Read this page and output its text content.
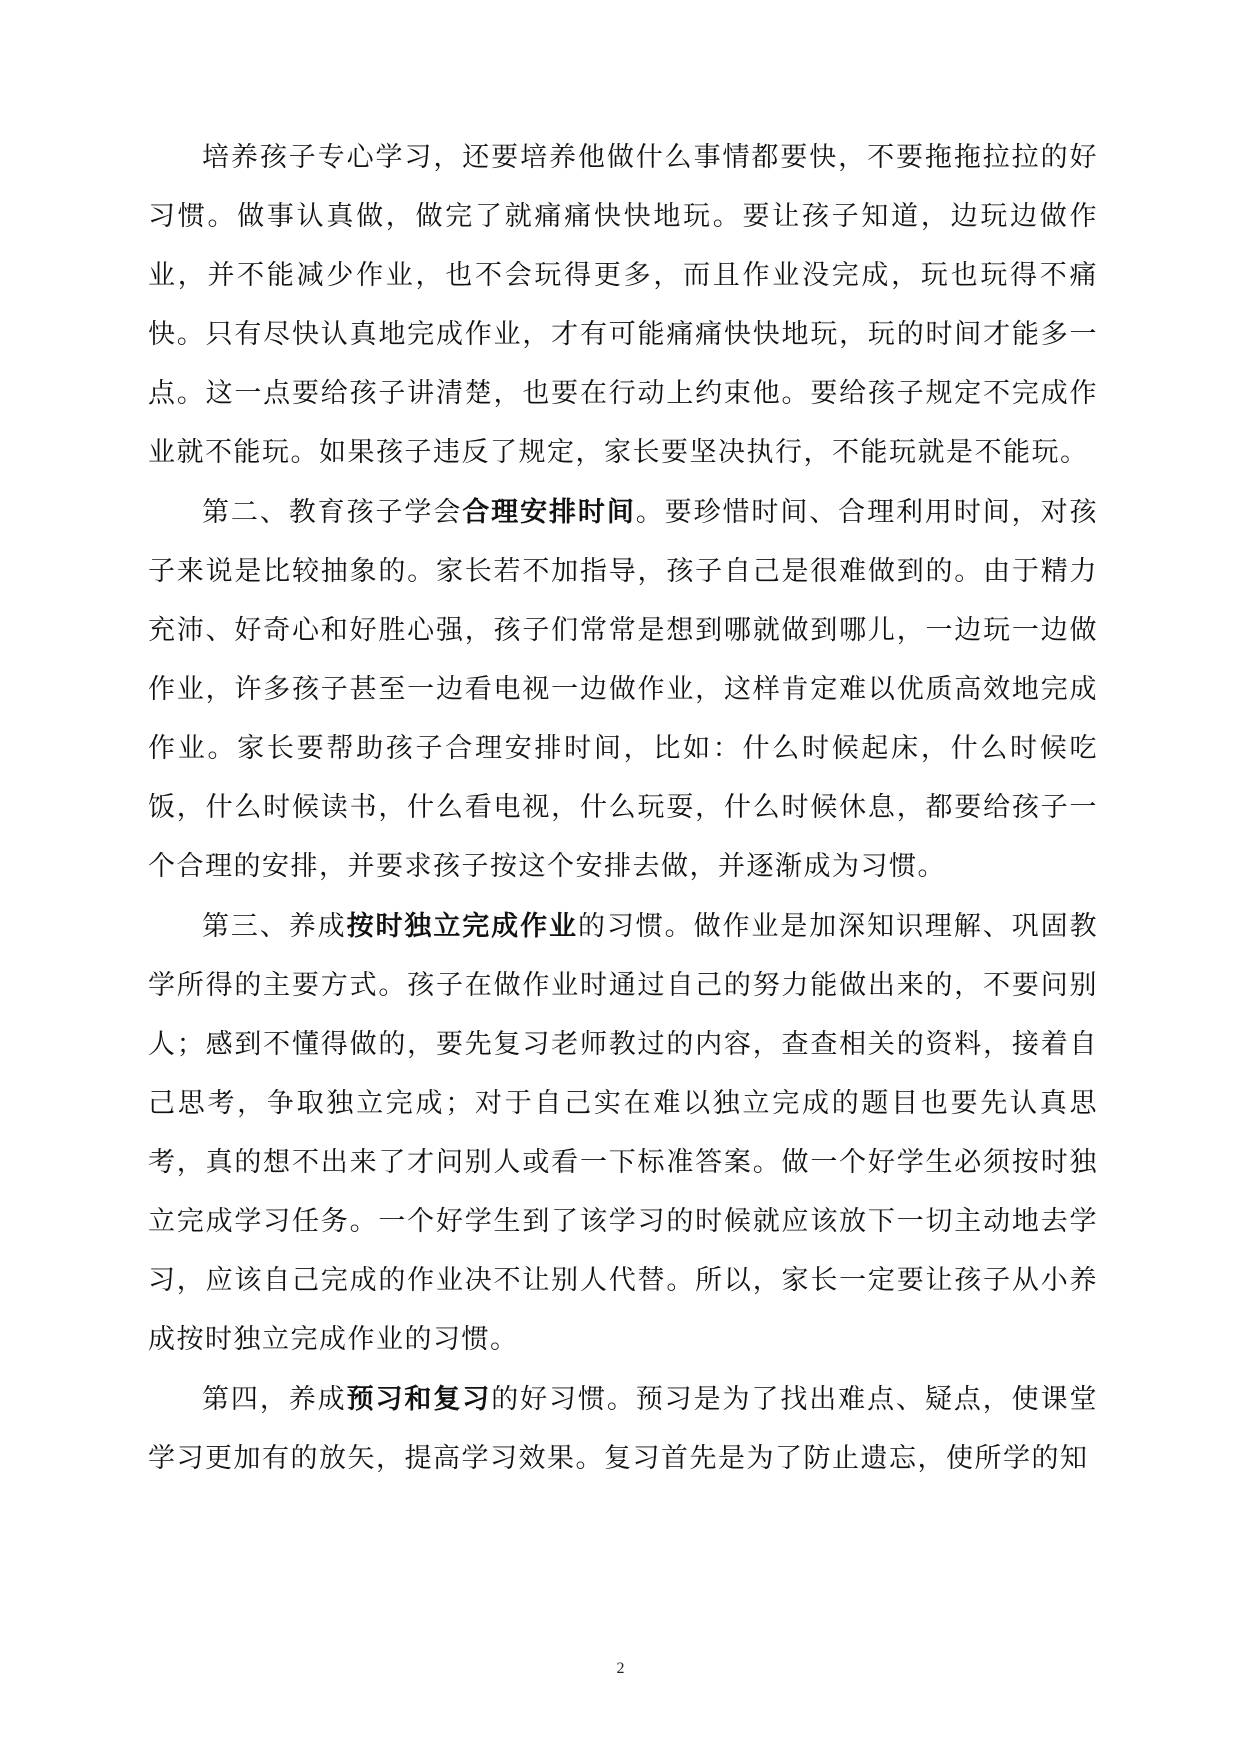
培养孩子专心学习，还要培养他做什么事情都要快，不要拖拖拉拉的好习惯。做事认真做，做完了就痛痛快快地玩。要让孩子知道，边玩边做作业，并不能减少作业，也不会玩得更多，而且作业没完成，玩也玩得不痛快。只有尽快认真地完成作业，才有可能痛痛快快地玩，玩的时间才能多一点。这一点要给孩子讲清楚，也要在行动上约束他。要给孩子规定不完成作业就不能玩。如果孩子违反了规定，家长要坚决执行，不能玩就是不能玩。

第二、教育孩子学会合理安排时间。要珍惜时间、合理利用时间，对孩子来说是比较抽象的。家长若不加指导，孩子自己是很难做到的。由于精力充沛、好奇心和好胜心强，孩子们常常是想到哪就做到哪儿，一边玩一边做作业，许多孩子甚至一边看电视一边做作业，这样肯定难以优质高效地完成作业。家长要帮助孩子合理安排时间，比如：什么时候起床，什么时候吃饭，什么时候读书，什么看电视，什么玩耍，什么时候休息，都要给孩子一个合理的安排，并要求孩子按这个安排去做，并逐渐成为习惯。

第三、养成按时独立完成作业的习惯。做作业是加深知识理解、巩固教学所得的主要方式。孩子在做作业时通过自己的努力能做出来的，不要问别人；感到不懂得做的，要先复习老师教过的内容，查查相关的资料，接着自己思考，争取独立完成；对于自己实在难以独立完成的题目也要先认真思考，真的想不出来了才问别人或看一下标准答案。做一个好学生必须按时独立完成学习任务。一个好学生到了该学习的时候就应该放下一切主动地去学习，应该自己完成的作业决不让别人代替。所以，家长一定要让孩子从小养成按时独立完成作业的习惯。

第四，养成预习和复习的好习惯。预习是为了找出难点、疑点，使课堂学习更加有的放矢，提高学习效果。复习首先是为了防止遗忘，使所学的知

2
